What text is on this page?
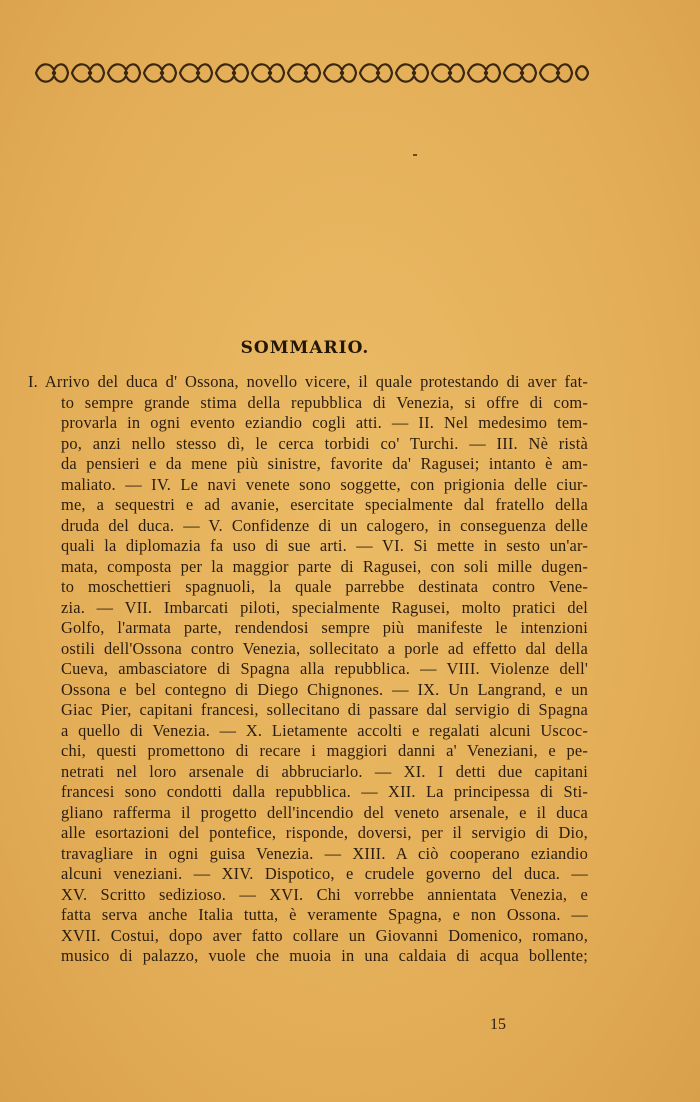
SOMMARIO.
I. Arrivo del duca d' Ossona, novello vicere, il quale protestando di aver fat-
to sempre grande stima della repubblica di Venezia, si offre di com-
provarla in ogni evento eziandio cogli atti. — II. Nel medesimo tem-
po, anzi nello stesso dì, le cerca torbidi co' Turchi. — III. Nè ristà
da pensieri e da mene più sinistre, favorite da' Ragusei; intanto è am-
maliato. — IV. Le navi venete sono soggette, con prigionia delle ciur-
me, a sequestri e ad avanie, esercitate specialmente dal fratello della
druda del duca. — V. Confidenze di un calogero, in conseguenza delle
quali la diplomazia fa uso di sue arti. — VI. Si mette in sesto un'ar-
mata, composta per la maggior parte di Ragusei, con soli mille dugen-
to moschettieri spagnuoli, la quale parrebbe destinata contro Vene-
zia. — VII. Imbarcati piloti, specialmente Ragusei, molto pratici del
Golfo, l'armata parte, rendendosi sempre più manifeste le intenzioni
ostili dell'Ossona contro Venezia, sollecitato a porle ad effetto dal della
Cueva, ambasciatore di Spagna alla repubblica. — VIII. Violenze dell'
Ossona e bel contegno di Diego Chignones. — IX. Un Langrand, e un
Giac Pier, capitani francesi, sollecitano di passare dal servigio di Spagna
a quello di Venezia. — X. Lietamente accolti e regalati alcuni Uscoc-
chi, questi promettono di recare i maggiori danni a' Veneziani, e pe-
netrati nel loro arsenale di abbruciarlo. — XI. I detti due capitani
francesi sono condotti dalla repubblica. — XII. La principessa di Sti-
gliano rafferma il progetto dell'incendio del veneto arsenale, e il duca
alle esortazioni del pontefice, risponde, doversi, per il servigio di Dio,
travagliare in ogni guisa Venezia. — XIII. A ciò cooperano eziandio
alcuni veneziani. — XIV. Dispotico, e crudele governo del duca. —
XV. Scritto sedizioso. — XVI. Chi vorrebbe annientata Venezia, e
fatta serva anche Italia tutta, è veramente Spagna, e non Ossona. —
XVII. Costui, dopo aver fatto collare un Giovanni Domenico, romano,
musico di palazzo, vuole che muoia in una caldaia di acqua bollente;
15
